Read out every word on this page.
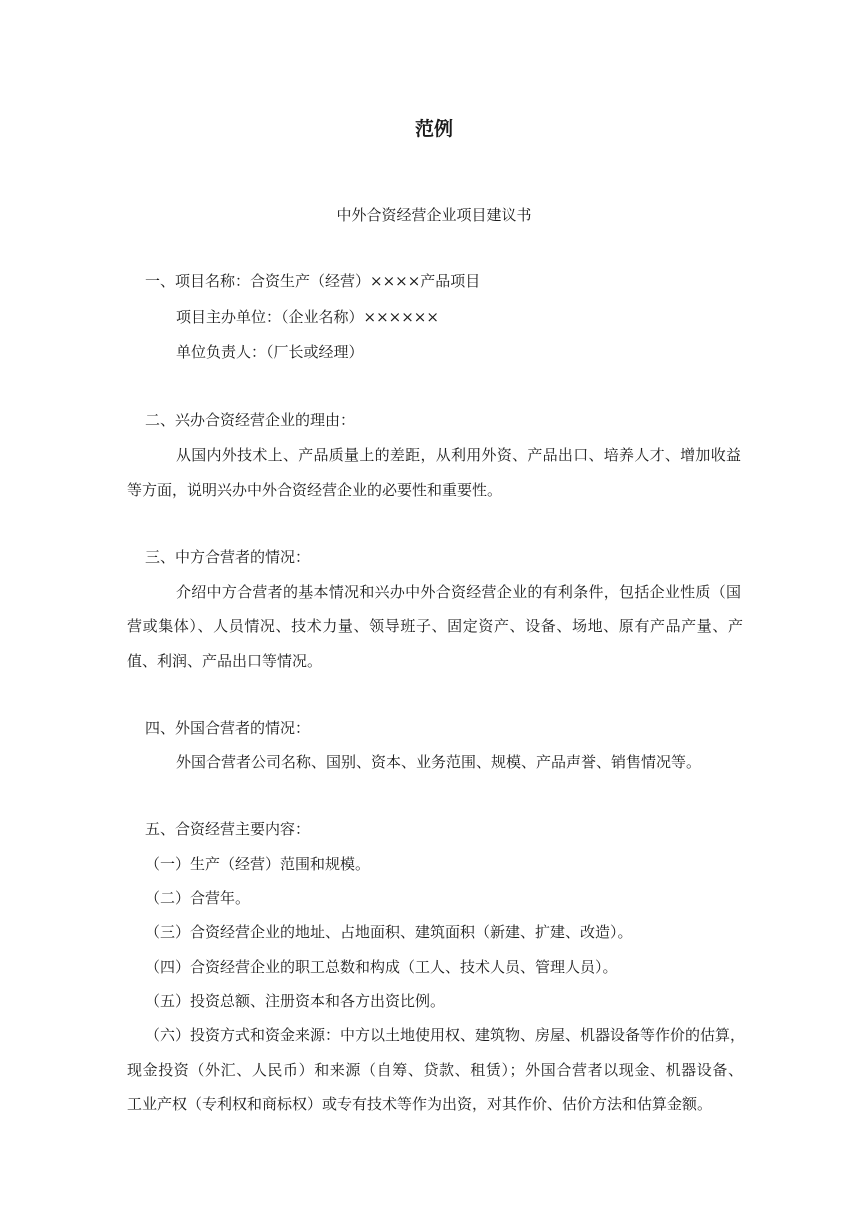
范例
中外合资经营企业项目建议书
一、项目名称：合资生产（经营）××××产品项目
项目主办单位：（企业名称）××××××
单位负责人：（厂长或经理）
二、兴办合资经营企业的理由：
从国内外技术上、产品质量上的差距，从利用外资、产品出口、培养人才、增加收益
等方面，说明兴办中外合资经营企业的必要性和重要性。
三、中方合营者的情况：
介绍中方合营者的基本情况和兴办中外合资经营企业的有利条件，包括企业性质（国
营或集体）、人员情况、技术力量、领导班子、固定资产、设备、场地、原有产品产量、产
值、利润、产品出口等情况。
四、外国合营者的情况：
外国合营者公司名称、国别、资本、业务范围、规模、产品声誉、销售情况等。
五、合资经营主要内容：
（一）生产（经营）范围和规模。
（二）合营年。
（三）合资经营企业的地址、占地面积、建筑面积（新建、扩建、改造）。
（四）合资经营企业的职工总数和构成（工人、技术人员、管理人员）。
（五）投资总额、注册资本和各方出资比例。
（六）投资方式和资金来源：中方以土地使用权、建筑物、房屋、机器设备等作价的估算，
现金投资（外汇、人民币）和来源（自筹、贷款、租赁）；外国合营者以现金、机器设备、
工业产权（专利权和商标权）或专有技术等作为出资，对其作价、估价方法和估算金额。
